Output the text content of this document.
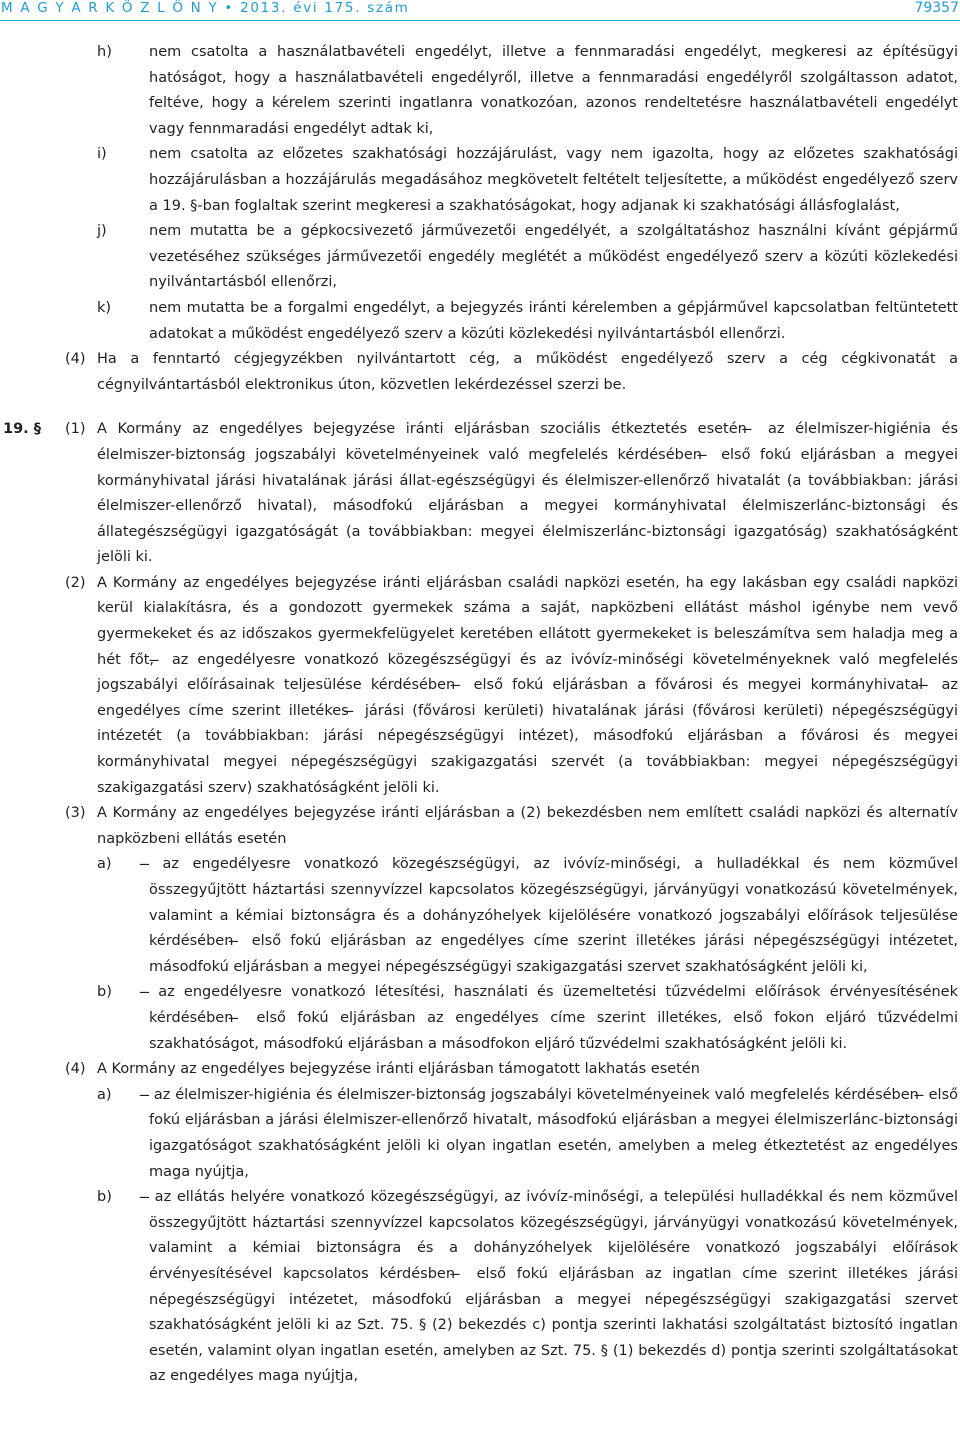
M A G Y A R K Ö Z L Ö N Y • 2013. évi 175. szám	79357
h)	nem csatolta a használatbavételi engedélyt, illetve a fennmaradási engedélyt, megkeresi az építésügyi hatóságot, hogy a használatbavételi engedélyről, illetve a fennmaradási engedélyről szolgáltasson adatot, feltéve, hogy a kérelem szerinti ingatlanra vonatkozóan, azonos rendeltetésre használatbavételi engedélyt vagy fennmaradási engedélyt adtak ki,
i)	nem csatolta az előzetes szakhatósági hozzájárulást, vagy nem igazolta, hogy az előzetes szakhatósági hozzájárulásban a hozzájárulás megadásához megkövetelt feltételt teljesítette, a működést engedélyező szerv a 19. §-ban foglaltak szerint megkeresi a szakhatóságokat, hogy adjanak ki szakhatósági állásfoglalást,
j)	nem mutatta be a gépkocsivezető járművezetői engedélyét, a szolgáltatáshoz használni kívánt gépjármű vezetéséhez szükséges járművezetői engedély meglétét a működést engedélyező szerv a közúti közlekedési nyilvántartásból ellenőrzi,
k)	nem mutatta be a forgalmi engedélyt, a bejegyzés iránti kérelemben a gépjárművel kapcsolatban feltüntetett adatokat a működést engedélyező szerv a közúti közlekedési nyilvántartásból ellenőrzi.
(4) Ha a fenntartó cégjegyzékben nyilvántartott cég, a működést engedélyező szerv a cég cégkivonatát a cégnyilvántartásból elektronikus úton, közvetlen lekérdezéssel szerzi be.
19. § (1) A Kormány az engedélyes bejegyzése iránti eljárásban szociális étkeztetés esetén ̶ az élelmiszer-higiénia és élelmiszer-biztonság jogszabályi követelményeinek való megfelelés kérdésében ̶ első fokú eljárásban a megyei kormányhivatal járási hivatalának járási állat-egészségügyi és élelmiszer-ellenőrző hivatalát (a továbbiakban: járási élelmiszer-ellenőrző hivatal), másodfokú eljárásban a megyei kormányhivatal élelmiszerlánc-biztonsági és állategészségügyi igazgatóságát (a továbbiakban: megyei élelmiszerlánc-biztonsági igazgatóság) szakhatóságként jelöli ki.
(2) A Kormány az engedélyes bejegyzése iránti eljárásban családi napközi esetén, ha egy lakásban egy családi napközi kerül kialakításra, és a gondozott gyermekek száma a saját, napközbeni ellátást máshol igénybe nem vevő gyermekeket és az időszakos gyermekfelügyelet keretében ellátott gyermekeket is beleszámítva sem haladja meg a hét főt, ̶ az engedélyesre vonatkozó közegészségügyi és az ivóvíz-minőségi követelményeknek való megfelelés jogszabályi előírásainak teljesülése kérdésében ̶ első fokú eljárásban a fővárosi és megyei kormányhivatal ̶ az engedélyes címe szerint illetékes ̶ járási (fővárosi kerületi) hivatalának járási (fővárosi kerületi) népegészségügyi intézetét (a továbbiakban: járási népegészségügyi intézet), másodfokú eljárásban a fővárosi és megyei kormányhivatal megyei népegészségügyi szakigazgatási szervét (a továbbiakban: megyei népegészségügyi szakigazgatási szerv) szakhatóságként jelöli ki.
(3) A Kormány az engedélyes bejegyzése iránti eljárásban a (2) bekezdésben nem említett családi napközi és alternatív napközbeni ellátás esetén
a)	̶ az engedélyesre vonatkozó közegészségügyi, az ivóvíz-minőségi, a hulladékkal és nem közművel összegyűjtött háztartási szennyvízzel kapcsolatos közegészségügyi, járványügyi vonatkozású követelmények, valamint a kémiai biztonságra és a dohányzóhelyek kijelölésére vonatkozó jogszabályi előírások teljesülése kérdésében ̶ első fokú eljárásban az engedélyes címe szerint illetékes járási népegészségügyi intézetet, másodfokú eljárásban a megyei népegészségügyi szakigazgatási szervet szakhatóságként jelöli ki,
b)	̶ az engedélyesre vonatkozó létesítési, használati és üzemeltetési tűzvédelmi előírások érvényesítésének kérdésében ̶ első fokú eljárásban az engedélyes címe szerint illetékes, első fokon eljáró tűzvédelmi szakhatóságot, másodfokú eljárásban a másodfokon eljáró tűzvédelmi szakhatóságként jelöli ki.
(4) A Kormány az engedélyes bejegyzése iránti eljárásban támogatott lakhatás esetén
a)	̶ az élelmiszer-higiénia és élelmiszer-biztonság jogszabályi követelményeinek való megfelelés kérdésében ̶ első fokú eljárásban a járási élelmiszer-ellenőrző hivatalt, másodfokú eljárásban a megyei élelmiszerlánc-biztonsági igazgatóságot szakhatóságként jelöli ki olyan ingatlan esetén, amelyben a meleg étkeztetést az engedélyes maga nyújtja,
b)	̶ az ellátás helyére vonatkozó közegészségügyi, az ivóvíz-minőségi, a települési hulladékkal és nem közművel összegyűjtött háztartási szennyvízzel kapcsolatos közegészségügyi, járványügyi vonatkozású követelmények, valamint a kémiai biztonságra és a dohányzóhelyek kijelölésére vonatkozó jogszabályi előírások érvényesítésével kapcsolatos kérdésben ̶ első fokú eljárásban az ingatlan címe szerint illetékes járási népegészségügyi intézetet, másodfokú eljárásban a megyei népegészségügyi szakigazgatási szervet szakhatóságként jelöli ki az Szt. 75. § (2) bekezdés c) pontja szerinti lakhatási szolgáltatást biztosító ingatlan esetén, valamint olyan ingatlan esetén, amelyben az Szt. 75. § (1) bekezdés d) pontja szerinti szolgáltatásokat az engedélyes maga nyújtja,
